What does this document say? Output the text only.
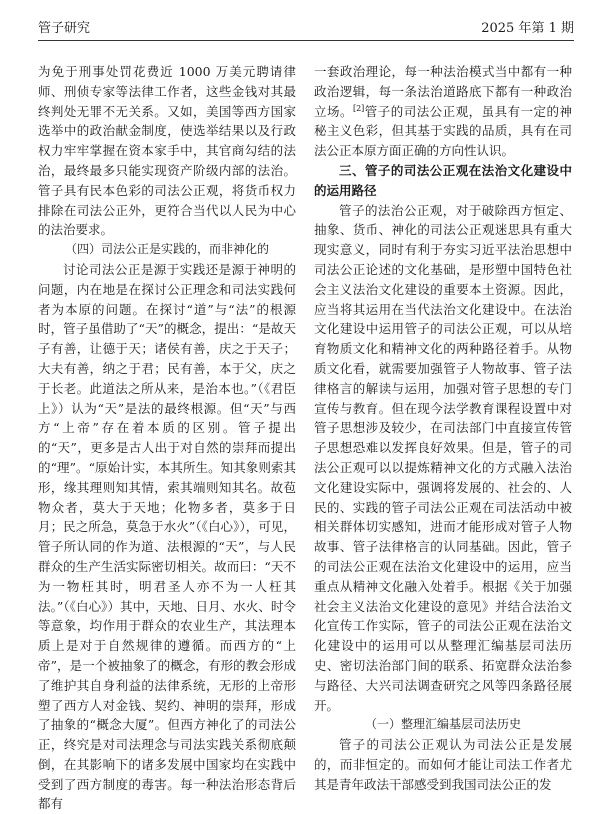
管子研究	2025 年第 1 期

为免于刑事处罚花费近 1000 万美元聘请律师、刑侦专家等法律工作者，这些金钱对其最终判处无罪不无关系。又如，美国等西方国家选举中的政治献金制度，使选举结果以及行政权力牢牢掌握在资本家手中，其官商勾结的法治，最终最多只能实现资产阶级内部的法治。管子具有民本色彩的司法公正观，将货币权力排除在司法公正外，更符合当代以人民为中心的法治要求。

（四）司法公正是实践的，而非神化的

讨论司法公正是源于实践还是源于神明的问题，内在地是在探讨公正理念和司法实践何者为本原的问题。在探讨“道”与“法”的根源时，管子虽借助了“天”的概念，提出：“是故天子有善，让德于天；诸侯有善，庆之于天子；大夫有善，纳之于君；民有善，本于父，庆之于长老。此道法之所从来，是治本也。”（《君臣上》）认为“天”是法的最终根源。但“天”与西方“上帝”存在着本质的区别。管子提出的“天”，更多是古人出于对自然的崇拜而提出的“理”。“原始计实，本其所生。知其象则索其形，缘其理则知其情，索其端则知其名。故苞物众者，莫大于天地；化物多者，莫多于日月；民之所急，莫急于水火”（《白心》），可见，管子所认同的作为道、法根源的“天”，与人民群众的生产生活实际密切相关。故而曰：“天不为一物枉其时，明君圣人亦不为一人枉其法。”（《白心》）其中，天地、日月、水火、时令等意象，均作用于群众的农业生产，其法理本质上是对于自然规律的遵循。而西方的“上帝”，是一个被抽象了的概念，有形的教会形成了维护其自身利益的法律系统，无形的上帝形塑了西方人对金钱、契约、神明的崇拜，形成了抽象的“概念大厦”。但西方神化了的司法公正，终究是对司法理念与司法实践关系彻底颠倒，在其影响下的诸多发展中国家均在实践中受到了西方制度的毒害。每一种法治形态背后都有

一套政治理论，每一种法治模式当中都有一种政治逻辑，每一条法治道路底下都有一种政治立场。[2]管子的司法公正观，虽具有一定的神秘主义色彩，但其基于实践的品质，具有在司法公正本原方面正确的方向性认识。

三、管子的司法公正观在法治文化建设中的运用路径

管子的法治公正观，对于破除西方恒定、抽象、货币、神化的司法公正观迷思具有重大现实意义，同时有利于夯实习近平法治思想中司法公正论述的文化基础，是形塑中国特色社会主义法治文化建设的重要本土资源。因此，应当将其运用在当代法治文化建设中。在法治文化建设中运用管子的司法公正观，可以从培育物质文化和精神文化的两种路径着手。从物质文化看，就需要加强管子人物故事、管子法律格言的解读与运用，加强对管子思想的专门宣传与教育。但在现今法学教育课程设置中对管子思想涉及较少，在司法部门中直接宣传管子思想恐难以发挥良好效果。但是，管子的司法公正观可以以提炼精神文化的方式融入法治文化建设实际中，强调将发展的、社会的、人民的、实践的管子司法公正观在司法活动中被相关群体切实感知，进而才能形成对管子人物故事、管子法律格言的认同基础。因此，管子的司法公正观在法治文化建设中的运用，应当重点从精神文化融入处着手。根据《关于加强社会主义法治文化建设的意见》并结合法治文化宣传工作实际，管子的司法公正观在法治文化建设中的运用可以从整理汇编基层司法历史、密切法治部门间的联系、拓宽群众法治参与路径、大兴司法调查研究之风等四条路径展开。

（一）整理汇编基层司法历史

管子的司法公正观认为司法公正是发展的，而非恒定的。而如何才能让司法工作者尤其是青年政法干部感受到我国司法公正的发
